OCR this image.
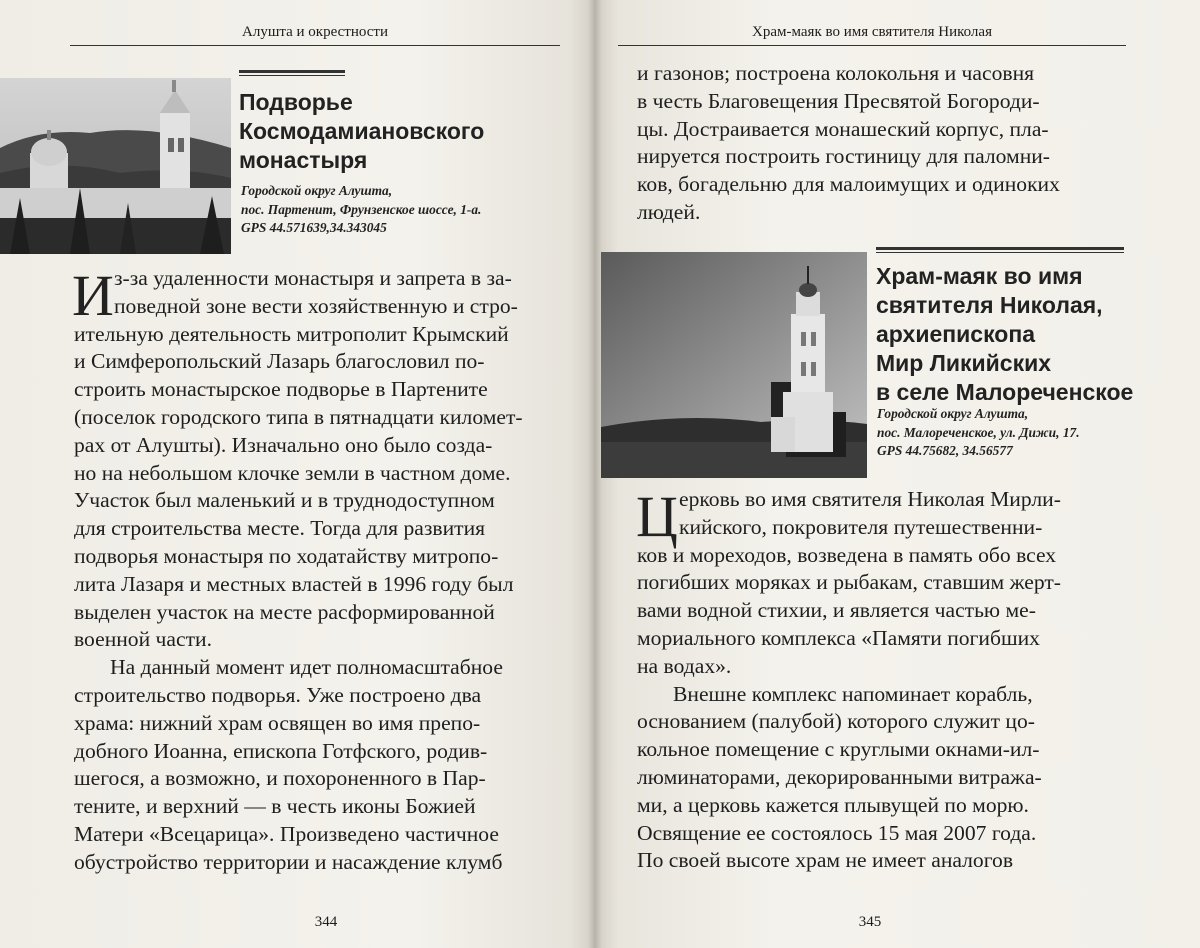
Алушта и окрестности
Подворье
Космодамиановского
монастыря
Городской округ Алушта,
пос. Партенит, Фрунзенское шоссе, 1-а.
GPS 44.571639,34.343045
И з-за удаленности монастыря и запрета в за-
поведной зоне вести хозяйственную и стро-
ительную деятельность митрополит Крымский
и Симферопольский Лазарь благословил по-
строить монастырское подворье в Партените
(поселок городского типа в пятнадцати километ-
рах от Алушты). Изначально оно было созда-
но на небольшом клочке земли в частном доме.
Участок был маленький и в труднодоступном
для строительства месте. Тогда для развития
подворья монастыря по ходатайству митропо-
лита Лазаря и местных властей в 1996 году был
выделен участок на месте расформированной
военной части.
На данный момент идет полномасштабное
строительство подворья. Уже построено два
храма: нижний храм освящен во имя препо-
добного Иоанна, епископа Готфского, родив-
шегося, а возможно, и похороненного в Пар-
тените, и верхний — в честь иконы Божией
Матери «Всецарица». Произведено частичное
обустройство территории и насаждение клумб
344
Храм-маяк во имя святителя Николая
и газонов; построена колокольня и часовня
в честь Благовещения Пресвятой Богороди-
цы. Достраивается монашеский корпус, пла-
нируется построить гостиницу для паломни-
ков, богадельню для малоимущих и одиноких
людей.
Храм-маяк во имя
святителя Николая,
архиепископа
Мир Ликийских
в селе Малореченское
Городской округ Алушта,
пос. Малореченское, ул. Дижи, 17.
GPS 44.75682, 34.56577
Ц ерковь во имя святителя Николая Мирли-
кийского, покровителя путешественни-
ков и мореходов, возведена в память обо всех
погибших моряках и рыбакам, ставшим жерт-
вами водной стихии, и является частью ме-
мориального комплекса «Памяти погибших
на водах».
Внешне комплекс напоминает корабль,
основанием (палубой) которого служит цо-
кольное помещение с круглыми окнами-ил-
люминаторами, декорированными витража-
ми, а церковь кажется плывущей по морю.
Освящение ее состоялось 15 мая 2007 года.
По своей высоте храм не имеет аналогов
345
